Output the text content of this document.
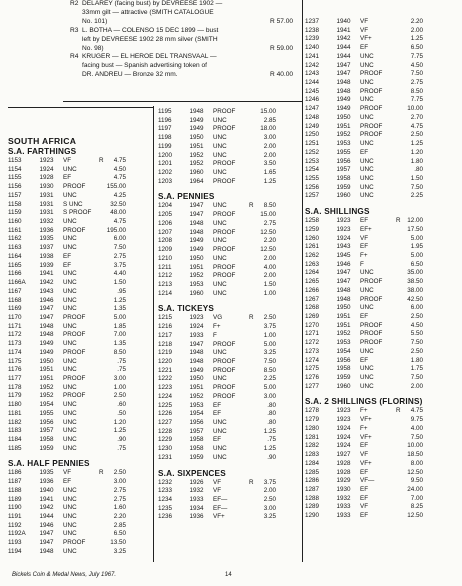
R2 DELAREY (facing bust) by DEVREESE 1902 —
33mm gilt — attractive (SMITH CATALOGUE
No. 101)	R 57.00
R3 L. BOTHA — COLENSO 15 DEC 1899 — bust
left by DEVREESE 1902 28 mm silver (SMITH
No. 98)	R 59.00
R4 KRUGER — EL HEROE DEL TRANSVAAL —
facing bust — Spanish advertising token of
DR. ANDREU — Bronze 32 mm.	R 40.00
SOUTH AFRICA
S.A. FARTHINGS
1153	1923	VF	R	4.75
1154	1924	UNC	4.50
1155	1928	EF	4.75
1156	1930	PROOF	155.00
1157	1931	UNC	4.25
1158	1931	S UNC	32.50
1159	1931	S PROOF	48.00
1160	1932	UNC	4.75
1161	1936	PROOF	195.00
1162	1935	UNC	6.00
1163	1937	UNC	7.50
1164	1938	EF	2.75
1165	1939	EF	3.75
1166	1941	UNC	4.40
1166A	1942	UNC	1.50
1167	1943	UNC	.95
1168	1946	UNC	1.25
1169	1947	UNC	1.35
1170	1947	PROOF	5.00
1171	1948	UNC	1.85
1172	1948	PROOF	7.00
1173	1949	UNC	1.35
1174	1949	PROOF	8.50
1175	1950	UNC	.75
1176	1951	UNC	.75
1177	1951	PROOF	3.00
1178	1952	UNC	1.00
1179	1952	PROOF	2.50
1180	1954	UNC	.60
1181	1955	UNC	.50
1182	1956	UNC	1.20
1183	1957	UNC	1.25
1184	1958	UNC	.90
1185	1959	UNC	.75
S.A. HALF PENNIES
1186	1935	VF	R	2.50
1187	1936	EF	3.00
1188	1940	UNC	2.75
1189	1941	UNC	2.75
1190	1942	UNC	1.60
1191	1944	UNC	2.20
1192	1946	UNC	2.85
1192A	1947	UNC	6.50
1193	1947	PROOF	13.50
1194	1948	UNC	3.25
1195	1948	PROOF	15.00
1196	1949	UNC	2.85
1197	1949	PROOF	18.00
1198	1950	UNC	3.00
1199	1951	UNC	2.00
1200	1952	UNC	2.00
1201	1952	PROOF	3.50
1202	1960	UNC	1.65
1203	1964	PROOF	1.25
S.A. PENNIES
1204	1947	UNC	R	8.50
1205	1947	PROOF	15.00
1206	1948	UNC	2.75
1207	1948	PROOF	12.50
1208	1949	UNC	2.20
1209	1949	PROOF	12.50
1210	1950	UNC	2.00
1211	1951	PROOF	4.00
1212	1952	PROOF	2.00
1213	1953	UNC	1.50
1214	1960	UNC	1.00
S.A. TICKEYS
1215	1923	VG	R	2.50
1216	1924	F+	3.75
1217	1933	F	1.00
1218	1947	PROOF	5.00
1219	1948	UNC	3.25
1220	1948	PROOF	7.50
1221	1949	PROOF	8.50
1222	1950	UNC	2.25
1223	1951	PROOF	5.00
1224	1952	PROOF	3.00
1225	1953	EF	.80
1226	1954	EF	.80
1227	1956	UNC	.80
1228	1957	UNC	1.25
1229	1958	EF	.75
1230	1958	UNC	1.25
1231	1959	UNC	.90
S.A. SIXPENCES
1232	1926	VF	R	3.75
1233	1932	VF	2.00
1234	1933	EF—	2.50
1235	1934	EF—	3.00
1236	1936	VF+	3.25
1237	1940	VF	2.20
1238	1941	VF	2.00
1239	1942	VF+	1.25
1240	1944	EF	6.50
1241	1944	UNC	7.75
1242	1947	UNC	4.50
1243	1947	PROOF	7.50
1244	1948	UNC	2.75
1245	1948	PROOF	8.50
1246	1949	UNC	7.75
1247	1949	PROOF	10.00
1248	1950	UNC	2.70
1249	1951	PROOF	4.75
1250	1952	PROOF	2.50
1251	1953	UNC	1.25
1252	1955	EF	1.20
1253	1956	UNC	1.80
1254	1957	UNC	.80
1255	1958	UNC	1.50
1256	1959	UNC	7.50
1257	1960	UNC	2.25
S.A. SHILLINGS
1258	1923	EF	R	12.00
1259	1923	EF+	17.50
1260	1924	VF	5.00
1261	1943	EF	1.95
1262	1945	F+	5.00
1263	1946	F	6.50
1264	1947	UNC	35.00
1265	1947	PROOF	38.50
1266	1948	UNC	38.00
1267	1948	PROOF	42.50
1268	1950	UNC	6.00
1269	1951	EF	2.50
1270	1951	PROOF	4.50
1271	1952	PROOF	5.50
1272	1953	PROOF	7.50
1273	1954	UNC	2.50
1274	1956	EF	1.80
1275	1958	UNC	1.75
1276	1959	UNC	7.50
1277	1960	UNC	2.00
S.A. 2 SHILLINGS (FLORINS)
1278	1923	F+	R	4.75
1279	1923	VF+	9.75
1280	1924	F+	4.00
1281	1924	VF+	7.50
1282	1924	EF	10.00
1283	1927	VF	18.50
1284	1928	VF+	8.00
1285	1928	EF	12.50
1286	1929	VF—	9.50
1287	1930	EF	24.00
1288	1932	EF	7.00
1289	1933	VF	8.25
1290	1933	EF	12.50
Bickels Coin & Medal News, July 1967.	14
